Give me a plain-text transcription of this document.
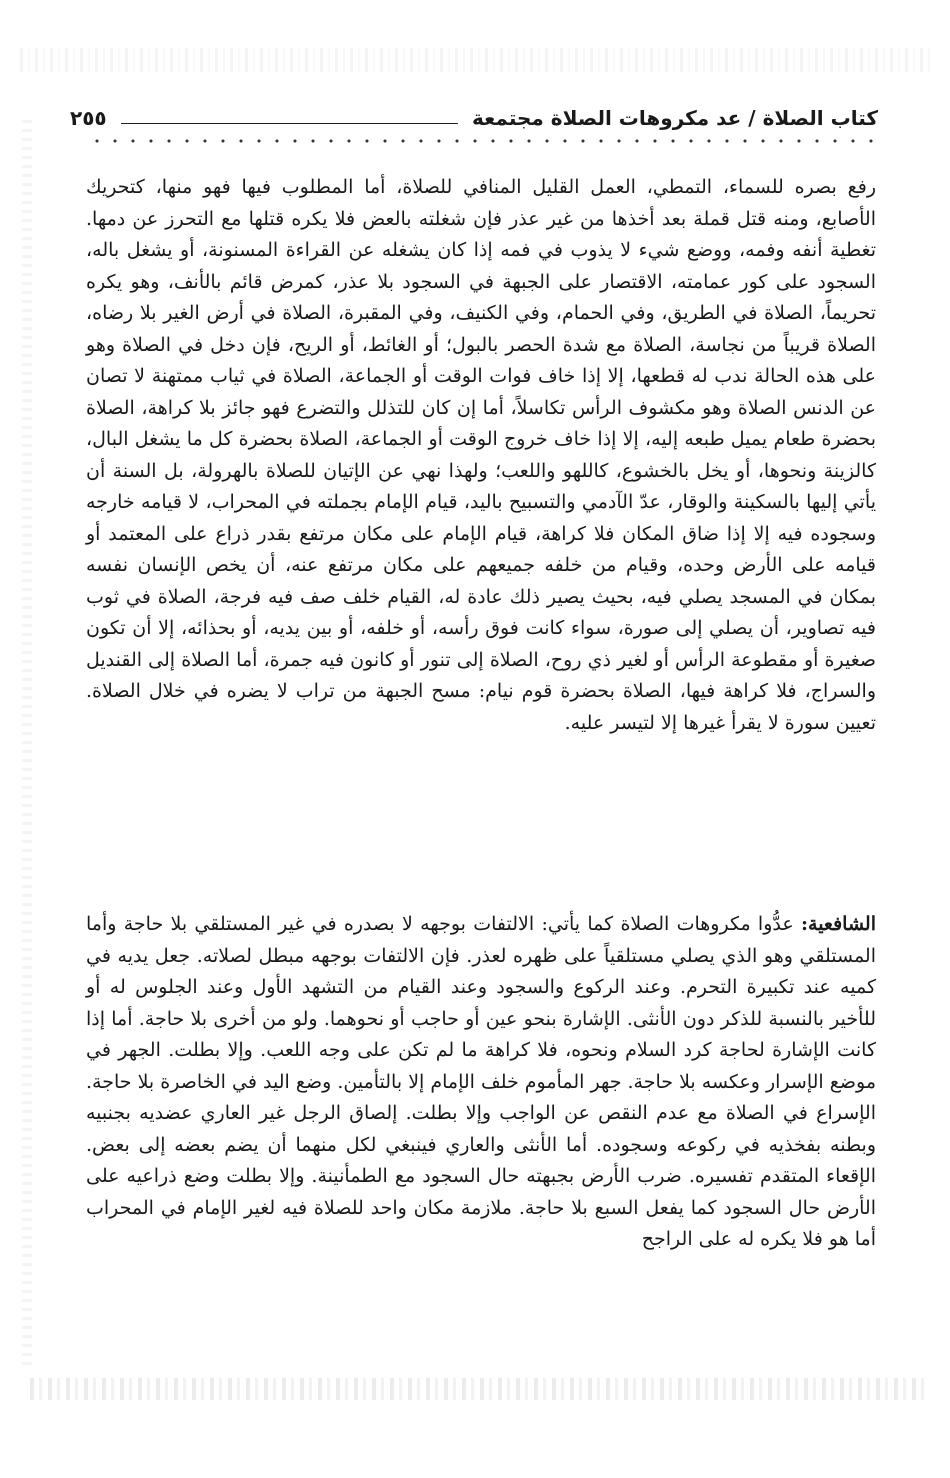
كتاب الصلاة / عد مكروهات الصلاة مجتمعة
٢٥٥

رفع بصره للسماء، التمطي، العمل القليل المنافي للصلاة، أما المطلوب فيها فهو منها، كتحريك الأصابع، ومنه قتل قملة بعد أخذها من غير عذر فإن شغلته بالعض فلا يكره قتلها مع التحرز عن دمها. تغطية أنفه وفمه، ووضع شيء لا يذوب في فمه إذا كان يشغله عن القراءة المسنونة، أو يشغل باله، السجود على كور عمامته، الاقتصار على الجبهة في السجود بلا عذر، كمرض قائم بالأنف، وهو يكره تحريماً، الصلاة في الطريق، وفي الحمام، وفي الكنيف، وفي المقبرة، الصلاة في أرض الغير بلا رضاه، الصلاة قريباً من نجاسة، الصلاة مع شدة الحصر بالبول؛ أو الغائط، أو الريح، فإن دخل في الصلاة وهو على هذه الحالة ندب له قطعها، إلا إذا خاف فوات الوقت أو الجماعة، الصلاة في ثياب ممتهنة لا تصان عن الدنس الصلاة وهو مكشوف الرأس تكاسلاً، أما إن كان للتذلل والتضرع فهو جائز بلا كراهة، الصلاة بحضرة طعام يميل طبعه إليه، إلا إذا خاف خروج الوقت أو الجماعة، الصلاة بحضرة كل ما يشغل البال، كالزينة ونحوها، أو يخل بالخشوع، كاللهو واللعب؛ ولهذا نهي عن الإتيان للصلاة بالهرولة، بل السنة أن يأتي إليها بالسكينة والوقار، عدّ الآدمي والتسبيح باليد، قيام الإمام بجملته في المحراب، لا قيامه خارجه وسجوده فيه إلا إذا ضاق المكان فلا كراهة، قيام الإمام على مكان مرتفع بقدر ذراع على المعتمد أو قيامه على الأرض وحده، وقيام من خلفه جميعهم على مكان مرتفع عنه، أن يخص الإنسان نفسه بمكان في المسجد يصلي فيه، بحيث يصير ذلك عادة له، القيام خلف صف فيه فرجة، الصلاة في ثوب فيه تصاوير، أن يصلي إلى صورة، سواء كانت فوق رأسه، أو خلفه، أو بين يديه، أو بحذائه، إلا أن تكون صغيرة أو مقطوعة الرأس أو لغير ذي روح، الصلاة إلى تنور أو كانون فيه جمرة، أما الصلاة إلى القنديل والسراج، فلا كراهة فيها، الصلاة بحضرة قوم نيام: مسح الجبهة من تراب لا يضره في خلال الصلاة. تعيين سورة لا يقرأ غيرها إلا لتيسر عليه.

الشافعية: عدُّوا مكروهات الصلاة كما يأتي: الالتفات بوجهه لا بصدره في غير المستلقي بلا حاجة وأما المستلقي وهو الذي يصلي مستلقياً على ظهره لعذر. فإن الالتفات بوجهه مبطل لصلاته. جعل يديه في كميه عند تكبيرة التحرم. وعند الركوع والسجود وعند القيام من التشهد الأول وعند الجلوس له أو للأخير بالنسبة للذكر دون الأنثى. الإشارة بنحو عين أو حاجب أو نحوهما. ولو من أخرى بلا حاجة. أما إذا كانت الإشارة لحاجة كرد السلام ونحوه، فلا كراهة ما لم تكن على وجه اللعب. وإلا بطلت. الجهر في موضع الإسرار وعكسه بلا حاجة. جهر المأموم خلف الإمام إلا بالتأمين. وضع اليد في الخاصرة بلا حاجة. الإسراع في الصلاة مع عدم النقص عن الواجب وإلا بطلت. إلصاق الرجل غير العاري عضديه بجنبيه وبطنه بفخذيه في ركوعه وسجوده. أما الأنثى والعاري فينبغي لكل منهما أن يضم بعضه إلى بعض. الإقعاء المتقدم تفسيره. ضرب الأرض بجبهته حال السجود مع الطمأنينة. وإلا بطلت وضع ذراعيه على الأرض حال السجود كما يفعل السبع بلا حاجة. ملازمة مكان واحد للصلاة فيه لغير الإمام في المحراب أما هو فلا يكره له على الراجح
